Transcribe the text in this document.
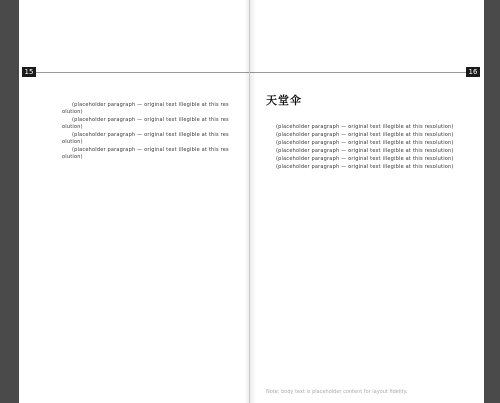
15

(placeholder paragraph — original text illegible at this resolution)

(placeholder paragraph — original text illegible at this resolution)

(placeholder paragraph — original text illegible at this resolution)

(placeholder paragraph — original text illegible at this resolution)

16
天堂伞

(placeholder paragraph — original text illegible at this resolution)

(placeholder paragraph — original text illegible at this resolution)

(placeholder paragraph — original text illegible at this resolution)

(placeholder paragraph — original text illegible at this resolution)

(placeholder paragraph — original text illegible at this resolution)

(placeholder paragraph — original text illegible at this resolution)

Note: body text is placeholder content for layout fidelity.
